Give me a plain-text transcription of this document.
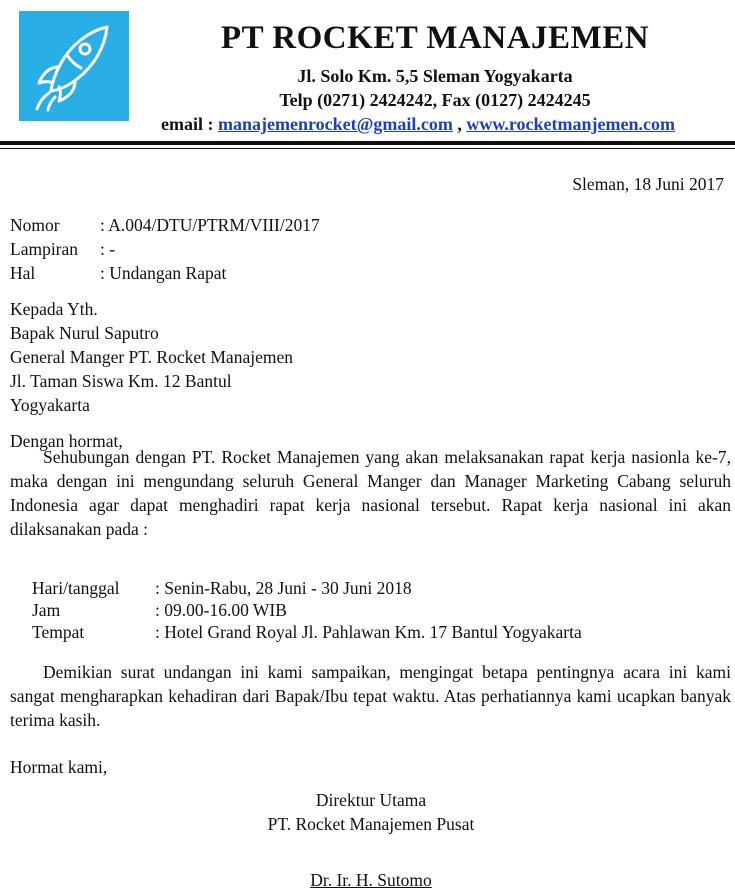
PT ROCKET MANAJEMEN
Jl. Solo Km. 5,5 Sleman Yogyakarta
Telp (0271) 2424242, Fax (0127) 2424245
email : manajemenrocket@gmail.com , www.rocketmanjemen.com
Sleman, 18 Juni 2017
Nomor : A.004/DTU/PTRM/VIII/2017
Lampiran : -
Hal	: Undangan Rapat
Kepada Yth.
Bapak Nurul Saputro
General Manger PT. Rocket Manajemen
Jl. Taman Siswa Km. 12 Bantul
Yogyakarta
Dengan hormat,
Sehubungan dengan PT. Rocket Manajemen yang akan melaksanakan rapat kerja nasionla ke-7, maka dengan ini mengundang seluruh General Manger dan Manager Marketing Cabang seluruh Indonesia agar dapat menghadiri rapat kerja nasional tersebut. Rapat kerja nasional ini akan dilaksanakan pada :
Hari/tanggal : Senin-Rabu, 28 Juni - 30 Juni 2018
Jam	: 09.00-16.00 WIB
Tempat	: Hotel Grand Royal Jl. Pahlawan Km. 17 Bantul Yogyakarta
Demikian surat undangan ini kami sampaikan, mengingat betapa pentingnya acara ini kami sangat mengharapkan kehadiran dari Bapak/Ibu tepat waktu. Atas perhatiannya kami ucapkan banyak terima kasih.
Hormat kami,
Direktur Utama
PT. Rocket Manajemen Pusat
Dr. Ir. H. Sutomo
